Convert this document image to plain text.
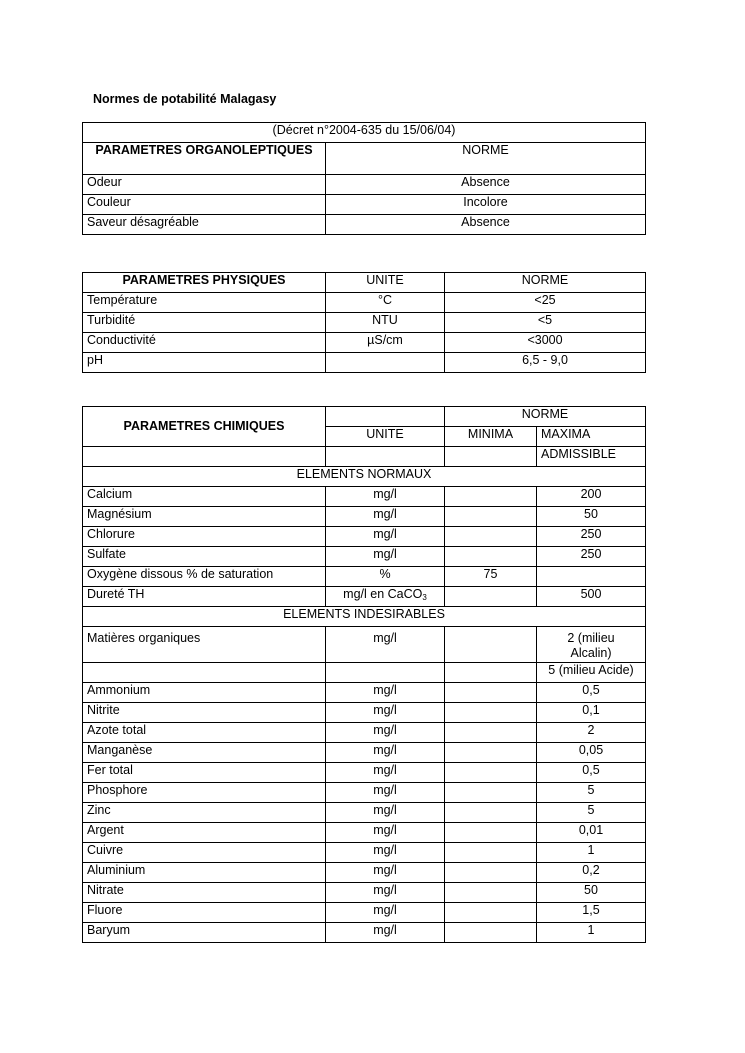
Normes de potabilité Malagasy
(Décret n°2004-635 du 15/06/04)	
PARAMETRES ORGANOLEPTIQUES	NORME
Odeur	Absence
Couleur	Incolore
Saveur désagréable	Absence
PARAMETRES PHYSIQUES	UNITE	NORME
Température	°C	<25
Turbidité	NTU	<5
Conductivité	µS/cm	<3000
pH		6,5 - 9,0
PARAMETRES CHIMIQUES		NORME	
	UNITE	MINIMA	MAXIMA
			ADMISSIBLE
ELEMENTS NORMAUX			
Calcium	mg/l		200
Magnésium	mg/l		50
Chlorure	mg/l		250
Sulfate	mg/l		250
Oxygène dissous % de saturation	%	75	
Dureté TH	mg/l en CaCO$_3$		500
ELEMENTS INDESIRABLES			
Matières organiques	mg/l		2 (milieu Alcalin)
			5 (milieu Acide)
Ammonium	mg/l		0,5
Nitrite	mg/l		0,1
Azote total	mg/l		2
Manganèse	mg/l		0,05
Fer total	mg/l		0,5
Phosphore	mg/l		5
Zinc	mg/l		5
Argent	mg/l		0,01
Cuivre	mg/l		1
Aluminium	mg/l		0,2
Nitrate	mg/l		50
Fluore	mg/l		1,5
Baryum	mg/l		1
